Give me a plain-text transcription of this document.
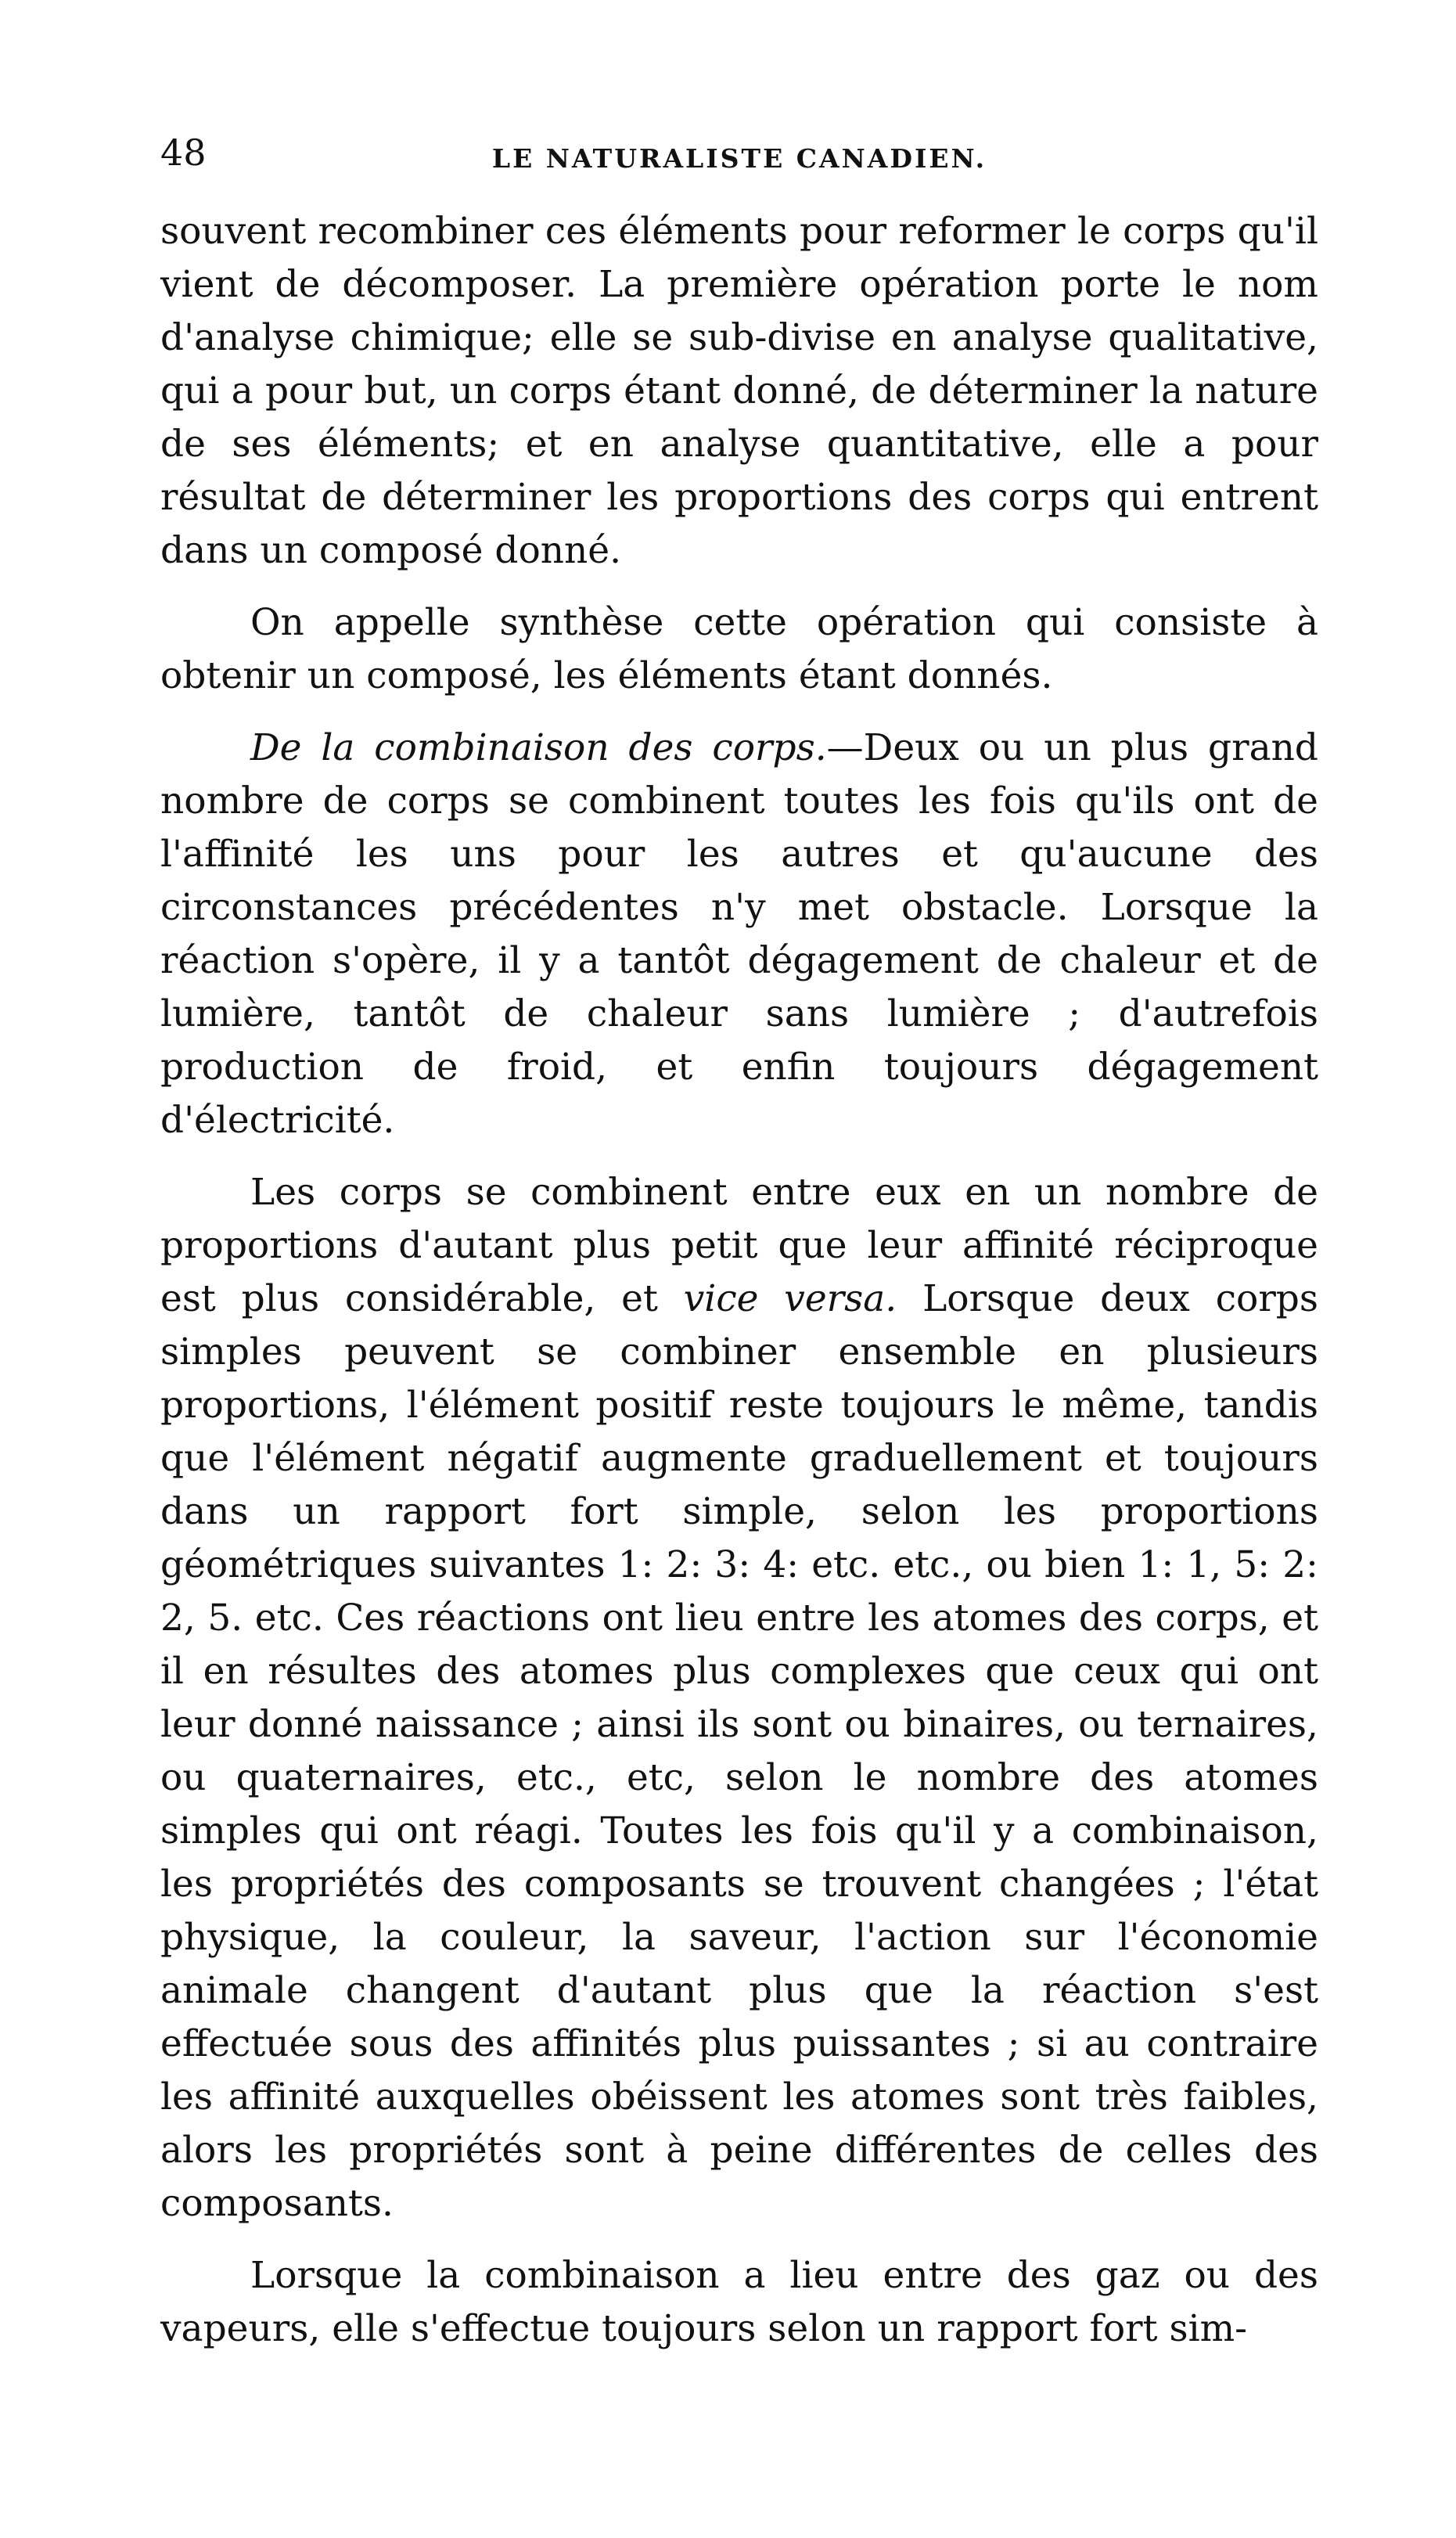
48	LE NATURALISTE CANADIEN.

souvent recombiner ces éléments pour reformer le corps qu'il vient de décomposer. La première opération porte le nom d'analyse chimique; elle se sub-divise en analyse qualitative, qui a pour but, un corps étant donné, de déterminer la nature de ses éléments; et en analyse quantitative, elle a pour résultat de déterminer les proportions des corps qui entrent dans un composé donné.

On appelle synthèse cette opération qui consiste à obtenir un composé, les éléments étant donnés.

De la combinaison des corps.—Deux ou un plus grand nombre de corps se combinent toutes les fois qu'ils ont de l'affinité les uns pour les autres et qu'aucune des circonstances précédentes n'y met obstacle. Lorsque la réaction s'opère, il y a tantôt dégagement de chaleur et de lumière, tantôt de chaleur sans lumière ; d'autrefois production de froid, et enfin toujours dégagement d'électricité.

Les corps se combinent entre eux en un nombre de proportions d'autant plus petit que leur affinité réciproque est plus considérable, et vice versa. Lorsque deux corps simples peuvent se combiner ensemble en plusieurs proportions, l'élément positif reste toujours le même, tandis que l'élément négatif augmente graduellement et toujours dans un rapport fort simple, selon les proportions géométriques suivantes 1: 2: 3: 4: etc. etc., ou bien 1: 1, 5: 2: 2, 5. etc. Ces réactions ont lieu entre les atomes des corps, et il en résultes des atomes plus complexes que ceux qui ont leur donné naissance ; ainsi ils sont ou binaires, ou ternaires, ou quaternaires, etc., etc, selon le nombre des atomes simples qui ont réagi. Toutes les fois qu'il y a combinaison, les propriétés des composants se trouvent changées ; l'état physique, la couleur, la saveur, l'action sur l'économie animale changent d'autant plus que la réaction s'est effectuée sous des affinités plus puissantes ; si au contraire les affinité auxquelles obéissent les atomes sont très faibles, alors les propriétés sont à peine différentes de celles des composants.

Lorsque la combinaison a lieu entre des gaz ou des vapeurs, elle s'effectue toujours selon un rapport fort sim-
